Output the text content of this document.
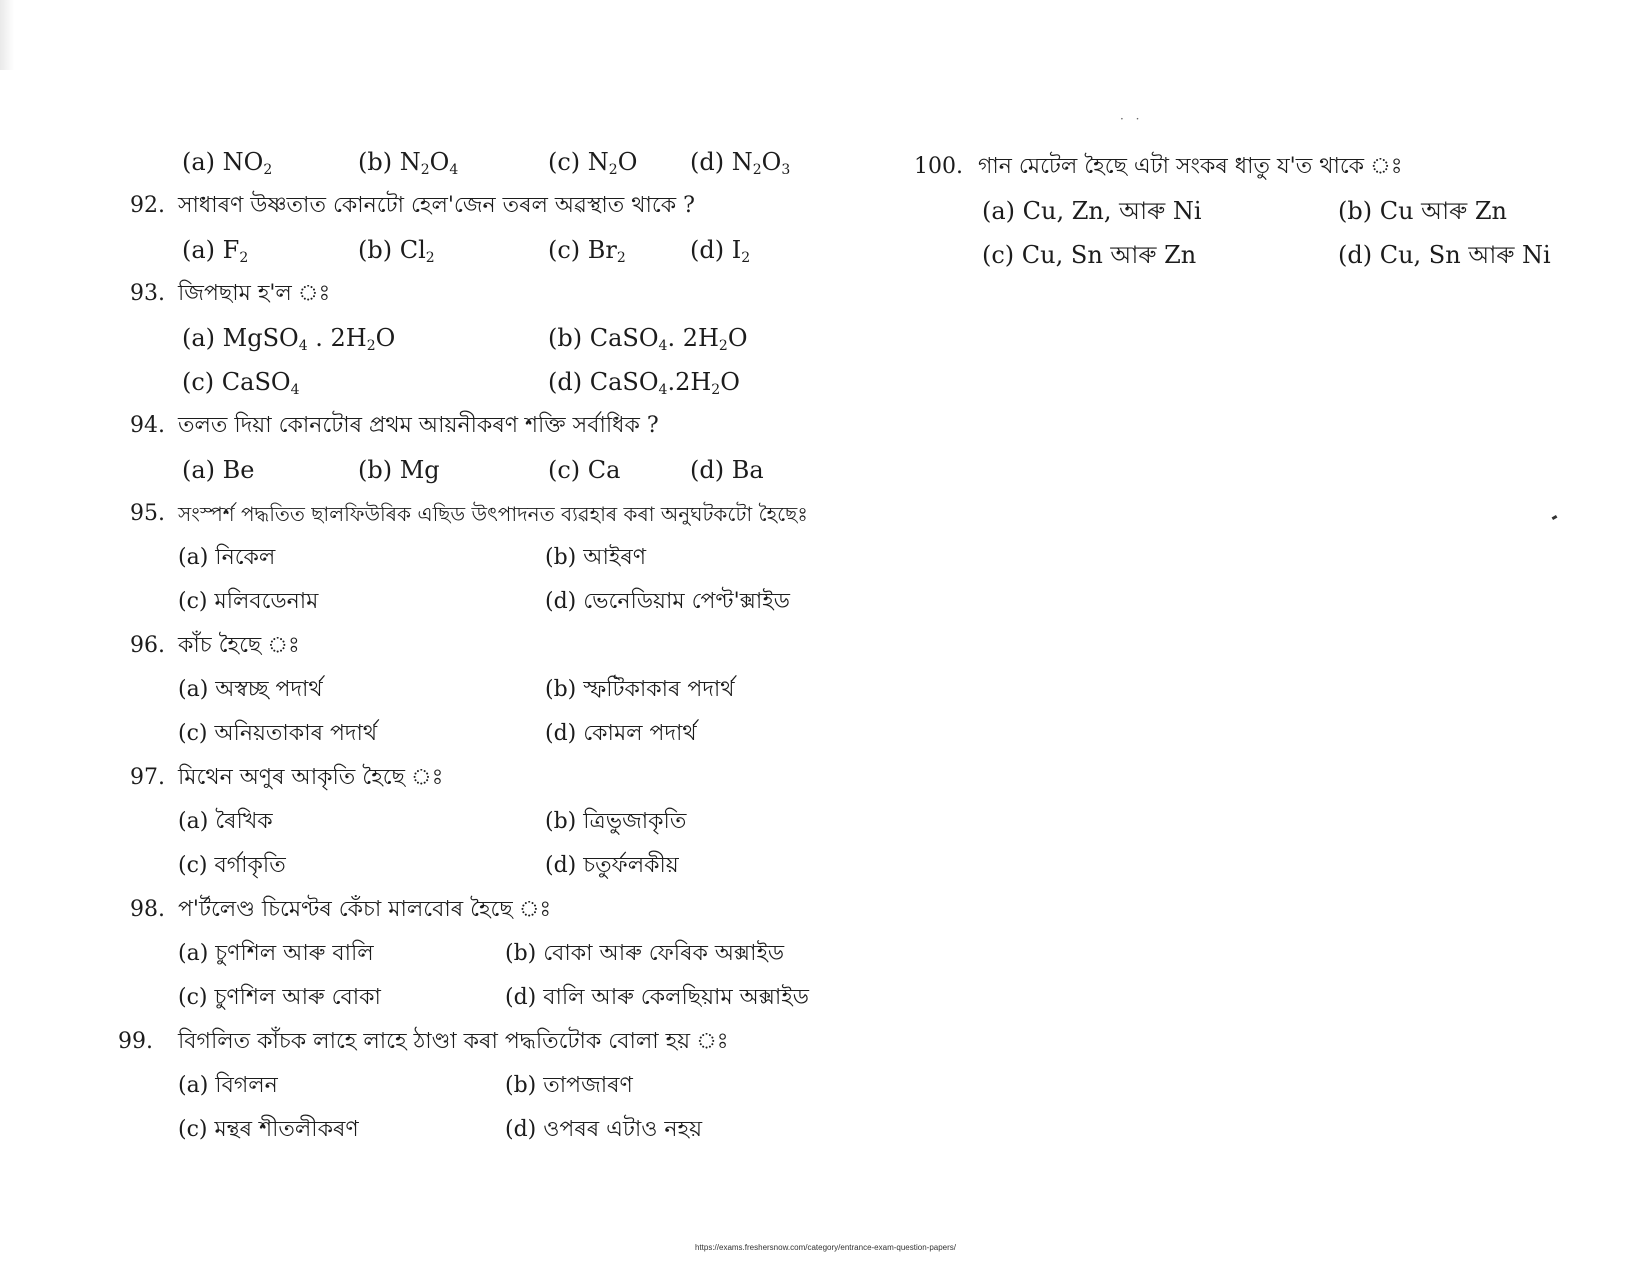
· ·
(a) $NO_2$	(b) $N_2O_4$	(c) $N_2O$ (d) $N_2O_3$
92. সাধাৰণ উষ্ণতাত কোনটো হেল'জেন তৰল অৱস্থাত থাকে ?
(a) $F_2$	(b) $Cl_2$	(c) $Br_2$	(d) $I_2$
93. জিপছাম হ'ল ঃ
(a) MgSO$_4$ . $2H_2O$	(b) CaSO$_4$. $2H_2O$
(c) CaSO$_4$	(d) $CaSO_4.2H_2O$
94. তলত দিয়া কোনটোৰ প্ৰথম আয়নীকৰণ শক্তি সৰ্বাধিক ?
(a) Be	(b) Mg	(c) Ca	(d) Ba
95. সংস্পৰ্শ পদ্ধতিত ছালফিউৰিক এছিড উৎপাদনত ব্যৱহাৰ কৰা অনুঘটকটো হৈছেঃ
(a) নিকেল	(b) আইৰণ
(c) মলিবডেনাম	(d) ভেনেডিয়াম পেণ্ট'ক্সাইড
96. কাঁচ হৈছে ঃ
(a) অস্বচ্ছ পদাৰ্থ	(b) স্ফটিকাকাৰ পদাৰ্থ
(c) অনিয়তাকাৰ পদাৰ্থ	(d) কোমল পদাৰ্থ
97. মিথেন অণুৰ আকৃতি হৈছে ঃ
(a) ৰৈখিক	(b) ত্ৰিভুজাকৃতি
(c) বৰ্গাকৃতি	(d) চতুৰ্ফলকীয়
98. প'ৰ্টলেণ্ড চিমেণ্টৰ কেঁচা মালবোৰ হৈছে ঃ
(a) চুণশিল আৰু বালি	(b) বোকা আৰু ফেৰিক অক্সাইড
(c) চুণশিল আৰু বোকা	(d) বালি আৰু কেলছিয়াম অক্সাইড
99. বিগলিত কাঁচক লাহে লাহে ঠাণ্ডা কৰা পদ্ধতিটোক বোলা হয় ঃ
(a) বিগলন	(b) তাপজাৰণ
(c) মন্থৰ শীতলীকৰণ	(d) ওপৰৰ এটাও নহয়
100. গান মেটেল হৈছে এটা সংকৰ ধাতু য'ত থাকে ঃ
(a) Cu, Zn, আৰু Ni	(b) Cu আৰু Zn
(c) Cu, Sn আৰু Zn	(d) Cu, Sn আৰু Ni
https://exams.freshersnow.com/category/entrance-exam-question-papers/
